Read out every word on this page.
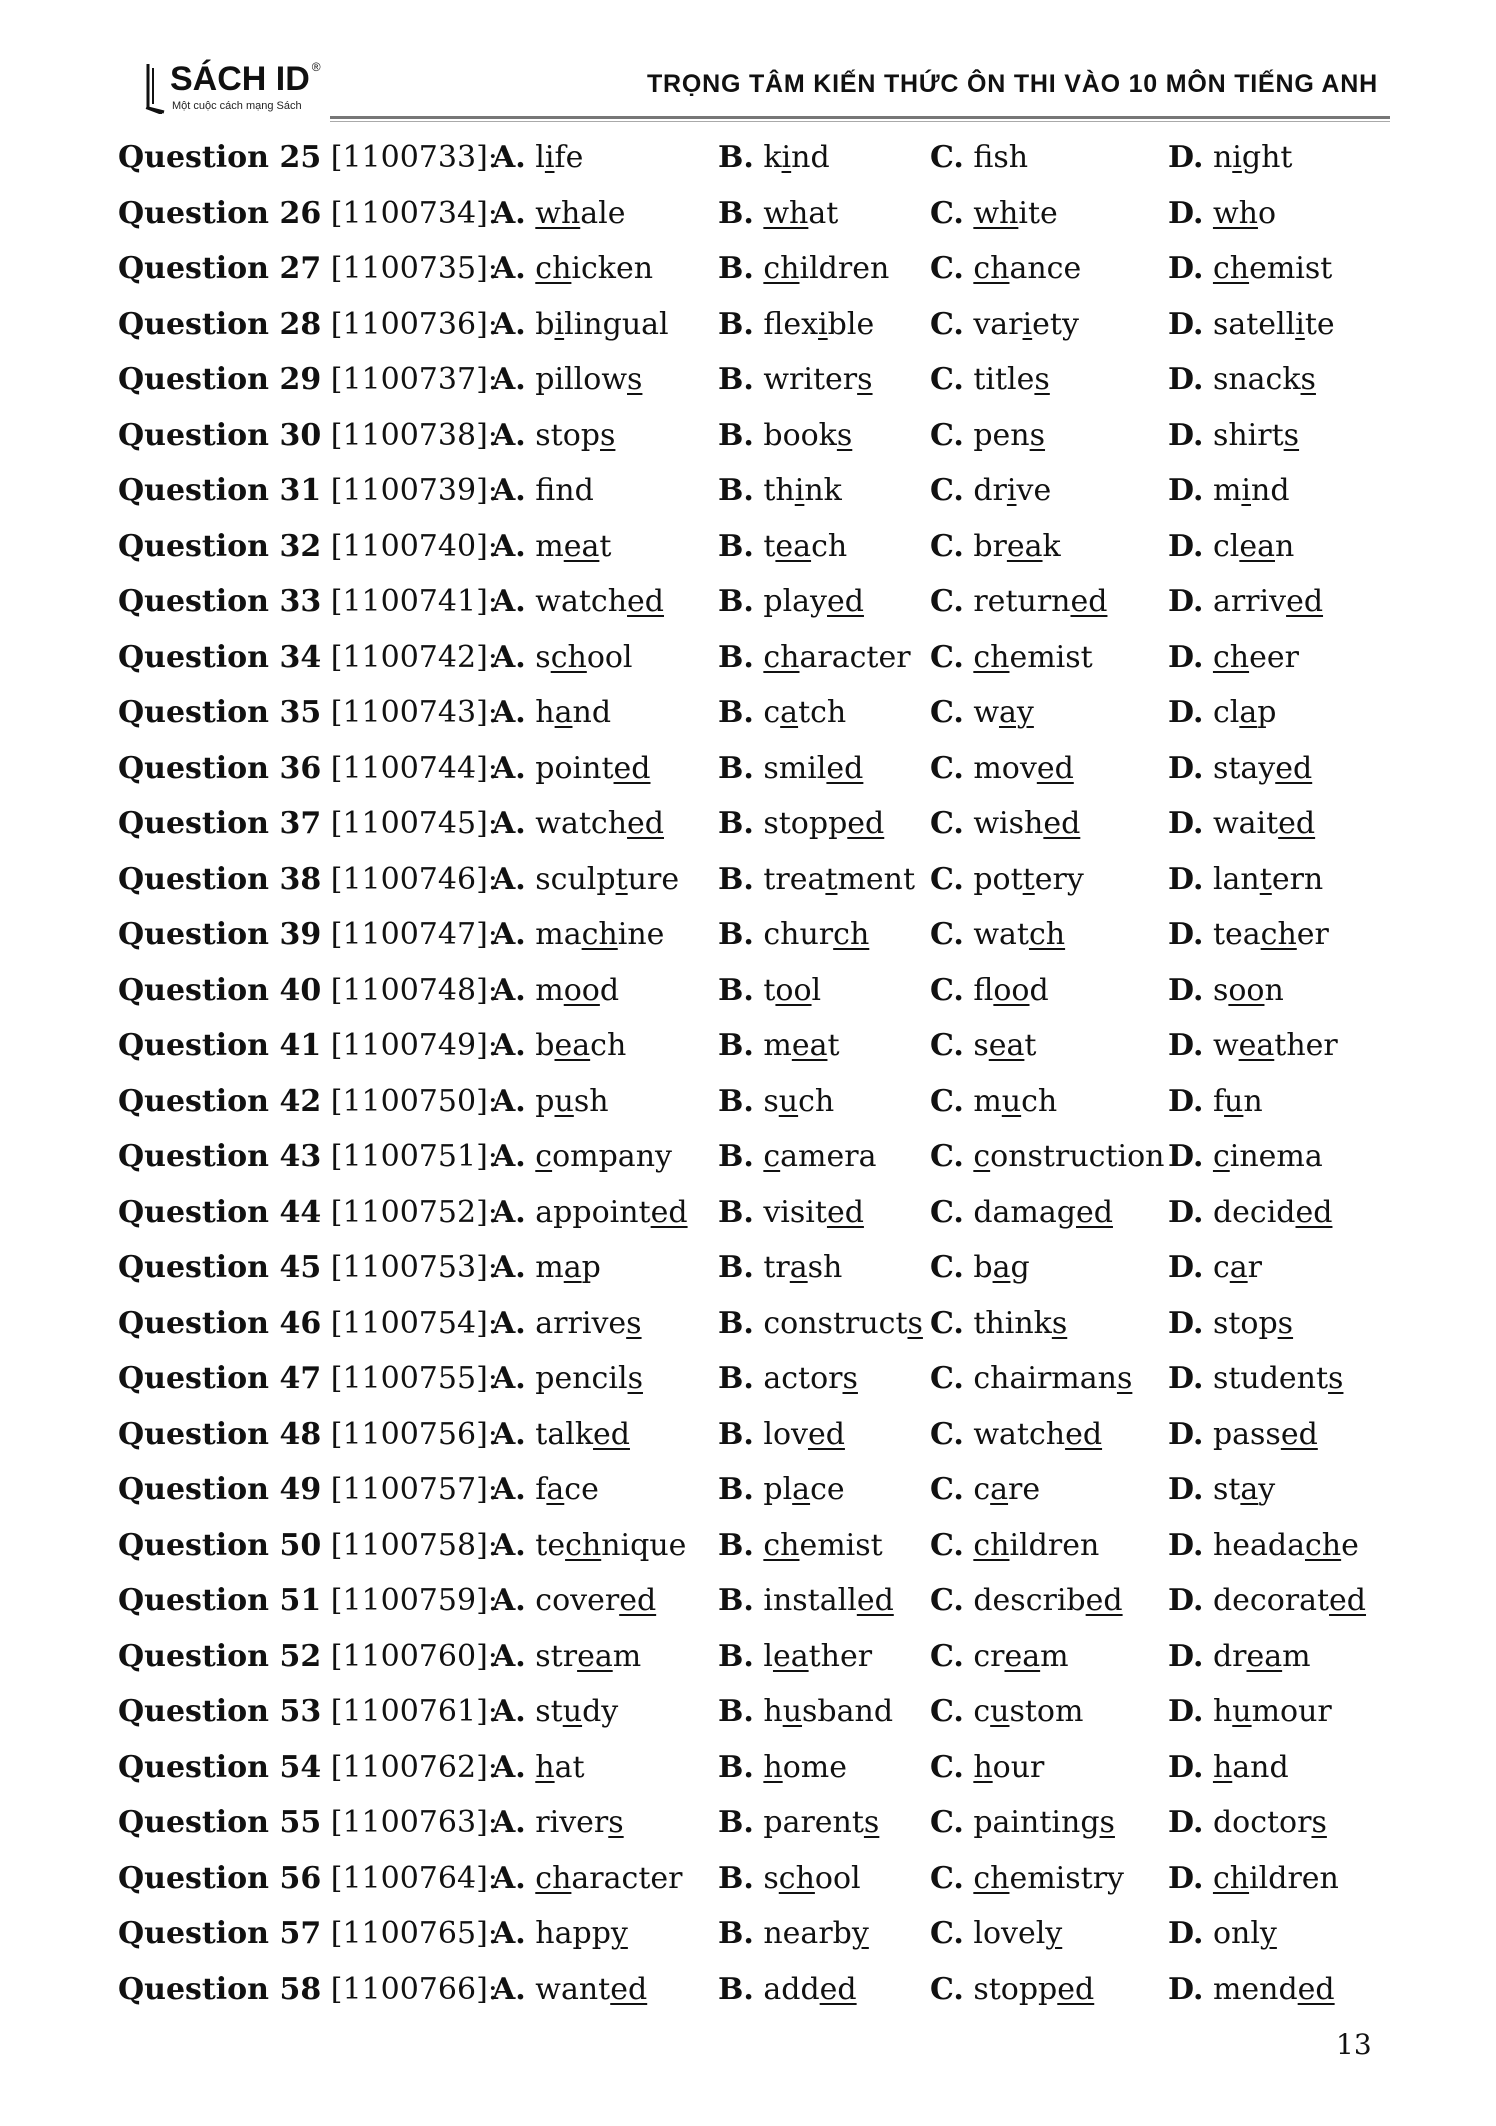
SÁCH ID ®
Một cuộc cách mạng Sách
TRỌNG TÂM KIẾN THỨC ÔN THI VÀO 10 MÔN TIẾNG ANH
Question 25 [1100733]:
A. life	B. kind	C. fsh	D. night
Question 26 [1100734]:
A. whale	B. what	C. white	D. who
Question 27 [1100735]:
A. chicken B. children C. chance	D. chemist
Question 28 [1100736]:
A. bilingual B. flexible C. variety	D. satellite
Question 29 [1100737]:
A. pillows	B. writers C. titles	D. snacks
Question 30 [1100738]:
A. stops	B. books	C. pens	D. shirts
Question 31 [1100739]:
A. fnd	B. think	C. drive	D. mind
Question 32 [1100740]:
A. meat	B. teach	C. break	D. clean
Question 33 [1100741]:
A. watched B. played C. returned D. arrived
Question 34 [1100742]:
A. school	B. character C. chemist	D. cheer
Question 35 [1100743]:
A. hand	B. catch	C. way	D. clap
Question 36 [1100744]:
A. pointed B. smiled C. moved	D. stayed
Question 37 [1100745]:
A. watched B. stopped C. wished	D. waited
Question 38 [1100746]:
A. sculpture B. treatment C. pottery	D. lantern
Question 39 [1100747]:
A. machine B. church C. watch	D. teacher
Question 40 [1100748]:
A. mood	B. tool	C. flood	D. soon
Question 41 [1100749]:
A. beach	B. meat	C. seat	D. weather
Question 42 [1100750]:
A. push	B. such	C. much	D. fun
Question 43 [1100751]:
A. company B. camera C. construction D. cinema
Question 44 [1100752]:
A. appointed B. visited C. damaged D. decided
Question 45 [1100753]:
A. map	B. trash	C. bag	D. car
Question 46 [1100754]:
A. arrives	B. constructs C. thinks	D. stops
Question 47 [1100755]:
A. pencils	B. actors C. chairmans D. students
Question 48 [1100756]:
A. talked	B. loved	C. watched D. passed
Question 49 [1100757]:
A. face	B. place	C. care	D. stay
Question 50 [1100758]:
A. technique B. chemist C. children D. headache
Question 51 [1100759]:
A. covered B. installed C. described D. decorated
Question 52 [1100760]:
A. stream	B. leather C. cream	D. dream
Question 53 [1100761]:
A. study	B. husband C. custom	D. humour
Question 54 [1100762]:
A. hat	B. home	C. hour	D. hand
Question 55 [1100763]:
A. rivers	B. parents C. paintings D. doctors
Question 56 [1100764]:
A. character B. school C. chemistry D. children
Question 57 [1100765]:
A. happy	B. nearby C. lovely	D. only
Question 58 [1100766]:
A. wanted B. added C. stopped D. mended
13
